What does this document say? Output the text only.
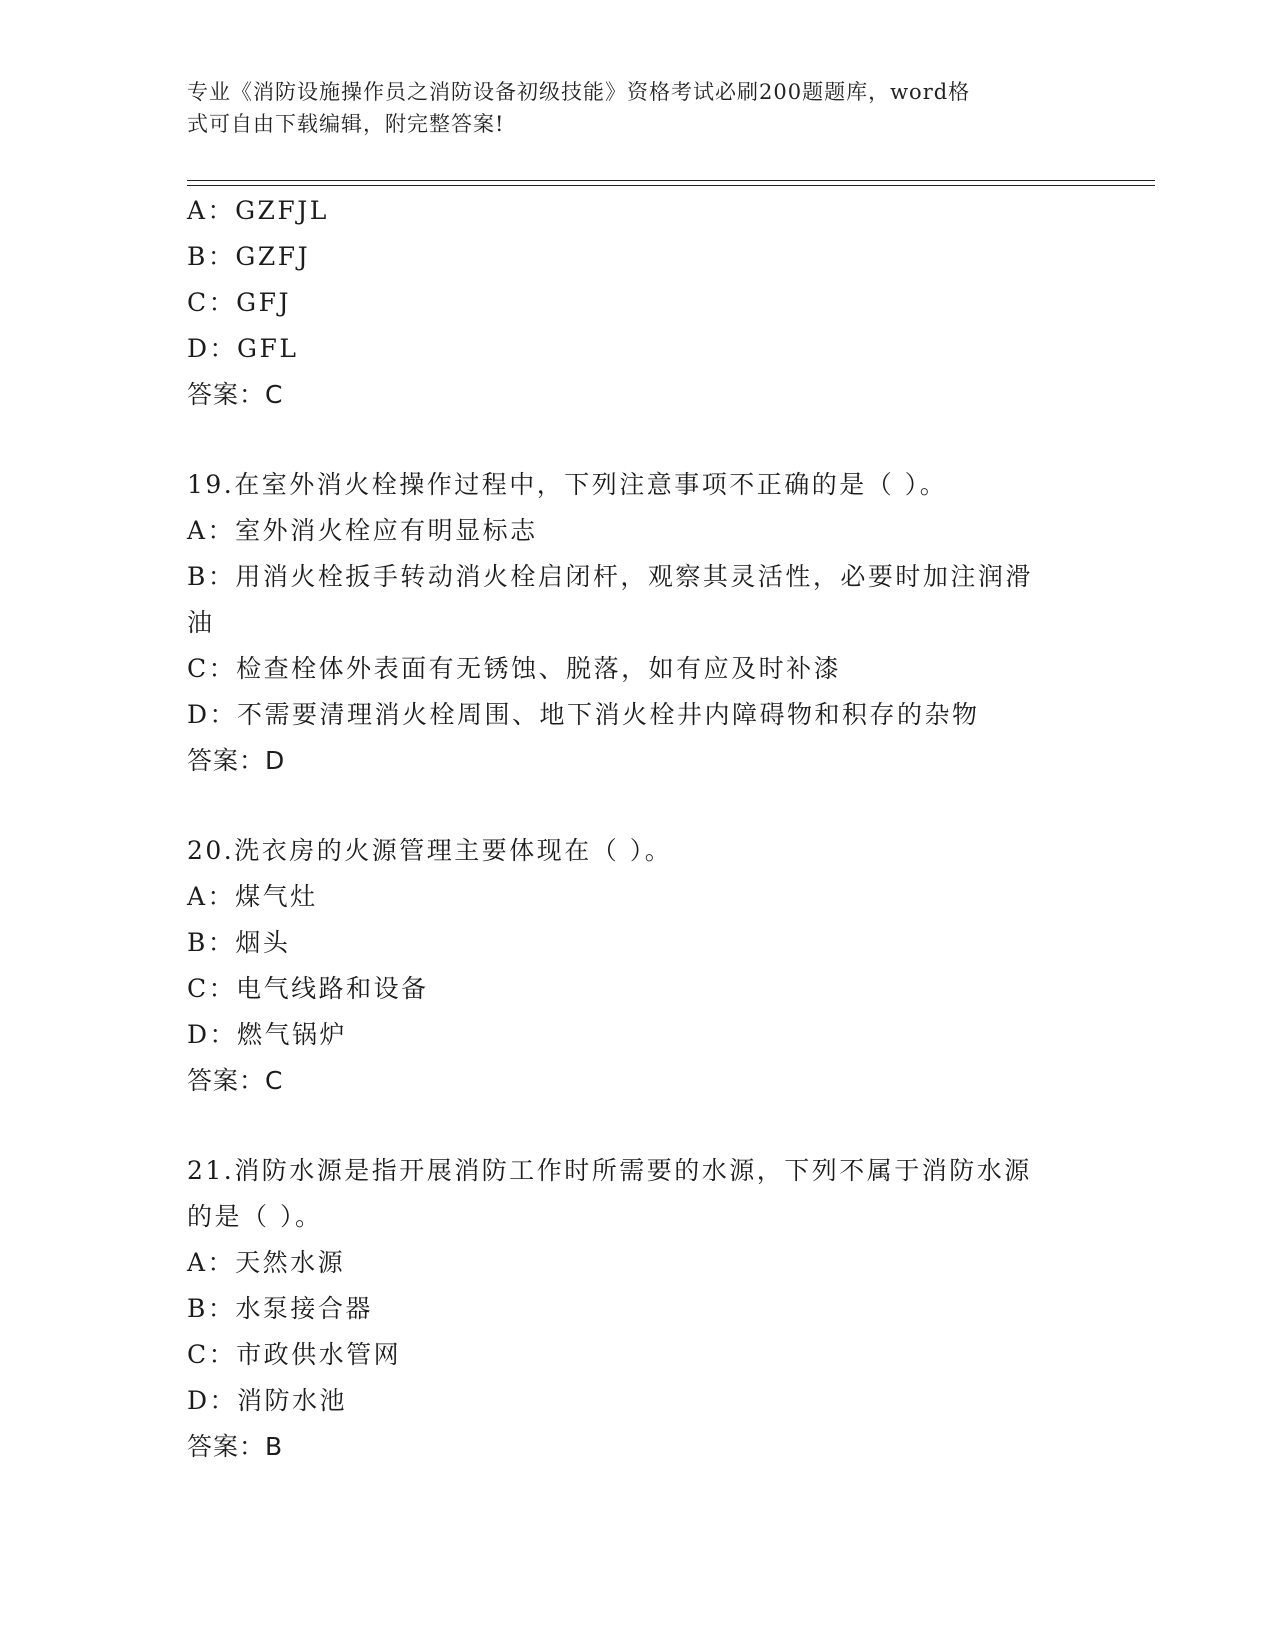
专业《消防设施操作员之消防设备初级技能》资格考试必刷200题题库，word格
式可自由下载编辑，附完整答案!
A：GZFJL
B：GZFJ
C：GFJ
D：GFL
答案：C
19.在室外消火栓操作过程中，下列注意事项不正确的是（ ）。
A：室外消火栓应有明显标志
B：用消火栓扳手转动消火栓启闭杆，观察其灵活性，必要时加注润滑
油
C：检查栓体外表面有无锈蚀、脱落，如有应及时补漆
D：不需要清理消火栓周围、地下消火栓井内障碍物和积存的杂物
答案：D
20.洗衣房的火源管理主要体现在（ ）。
A：煤气灶
B：烟头
C：电气线路和设备
D：燃气锅炉
答案：C
21.消防水源是指开展消防工作时所需要的水源，下列不属于消防水源
的是（ ）。
A：天然水源
B：水泵接合器
C：市政供水管网
D：消防水池
答案：B
